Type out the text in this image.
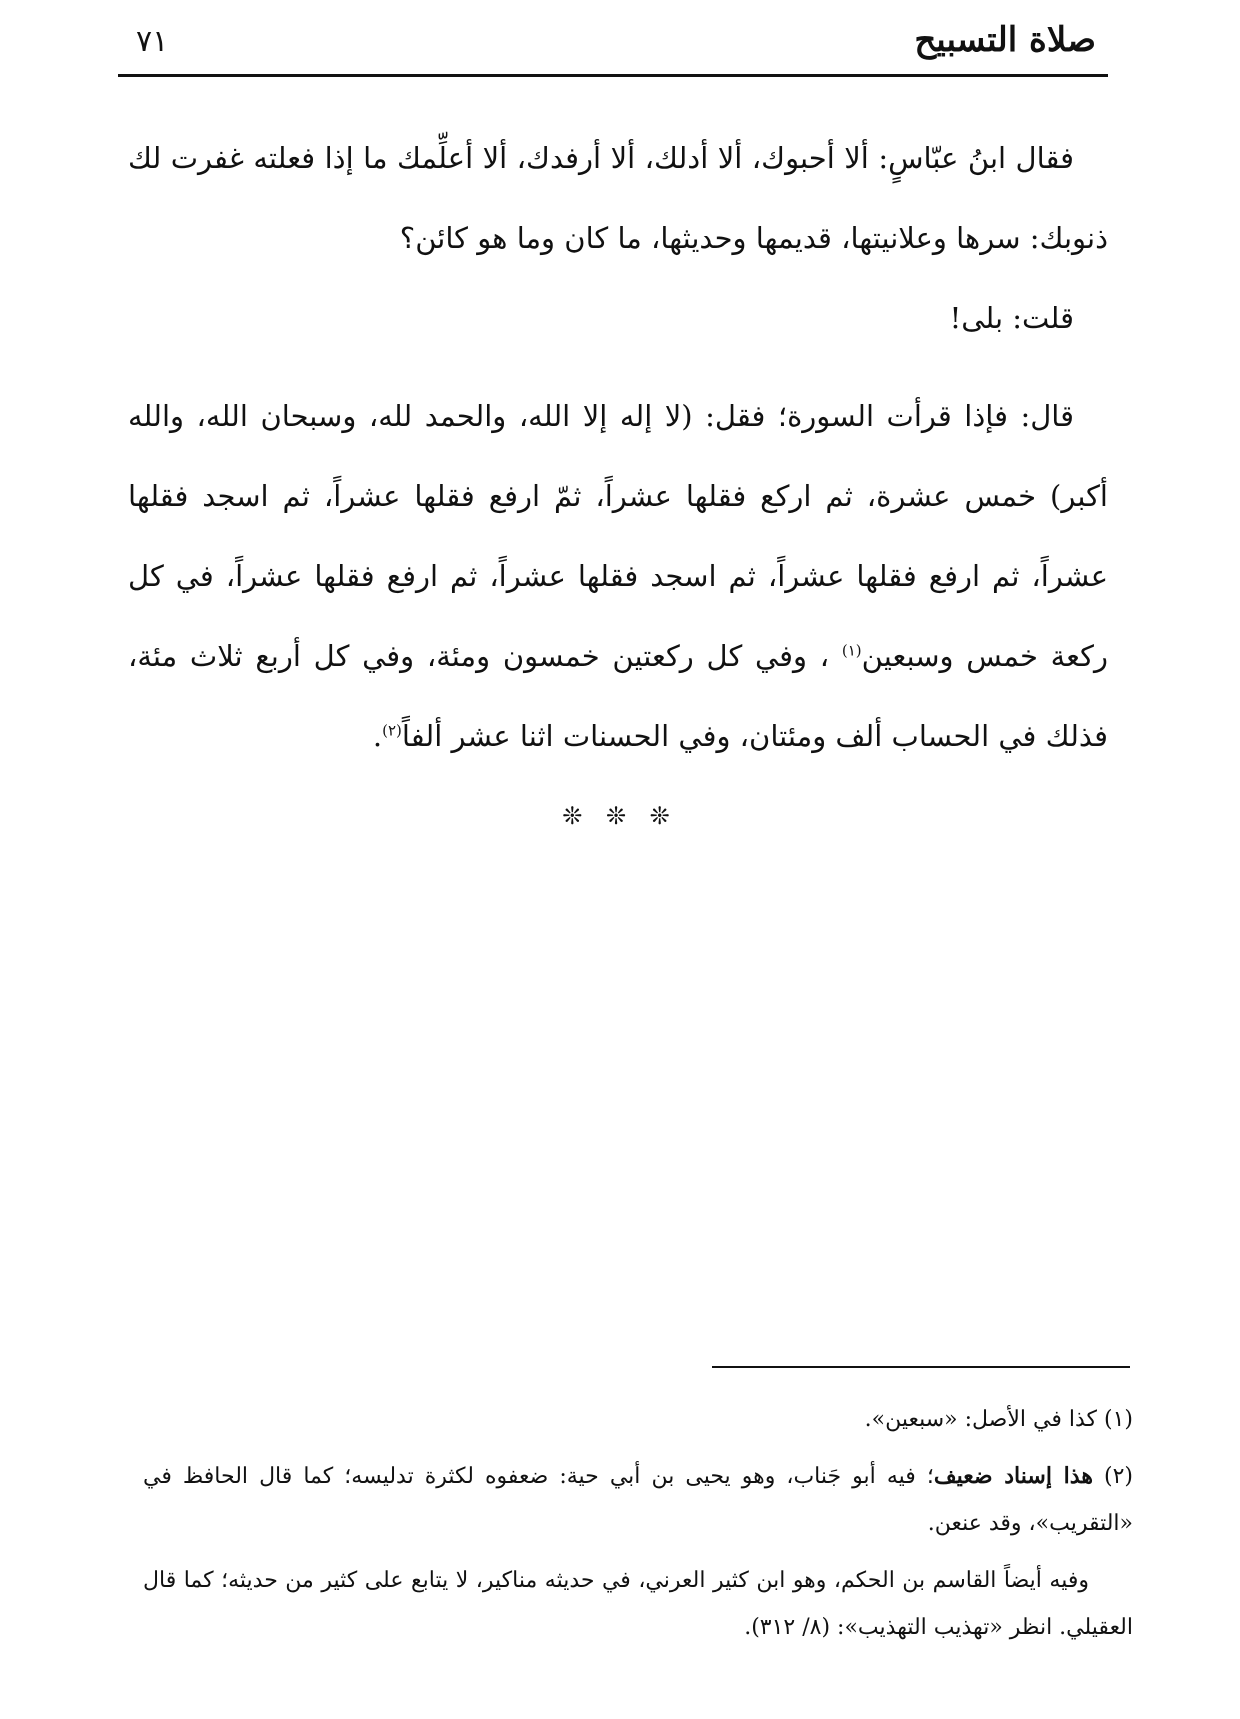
صلاة التسبيح
٧١

فقال ابنُ عبّاسٍ: ألا أحبوك، ألا أدلك، ألا أرفدك، ألا أعلِّمك ما إذا فعلته غفرت لك ذنوبك: سرها وعلانيتها، قديمها وحديثها، ما كان وما هو كائن؟

قلت: بلى!

قال: فإذا قرأت السورة؛ فقل: (لا إله إلا الله، والحمد لله، وسبحان الله، والله أكبر) خمس عشرة، ثم اركع فقلها عشراً، ثمّ ارفع فقلها عشراً، ثم اسجد فقلها عشراً، ثم ارفع فقلها عشراً، ثم اسجد فقلها عشراً، ثم ارفع فقلها عشراً، في كل ركعة خمس وسبعين$^{(١)}$ ، وفي كل ركعتين خمسون ومئة، وفي كل أربع ثلاث مئة، فذلك في الحساب ألف ومئتان، وفي الحسنات اثنا عشر ألفاً$^{(٢)}$.

❊ ❊ ❊

(١) كذا في الأصل: «سبعين».

(٢) هذا إسناد ضعيف؛ فيه أبو جَناب، وهو يحيى بن أبي حية: ضعفوه لكثرة تدليسه؛ كما قال الحافظ في «التقريب»، وقد عنعن.

وفيه أيضاً القاسم بن الحكم، وهو ابن كثير العرني، في حديثه مناكير، لا يتابع على كثير من حديثه؛ كما قال العقيلي. انظر «تهذيب التهذيب»: (٨/ ٣١٢).
